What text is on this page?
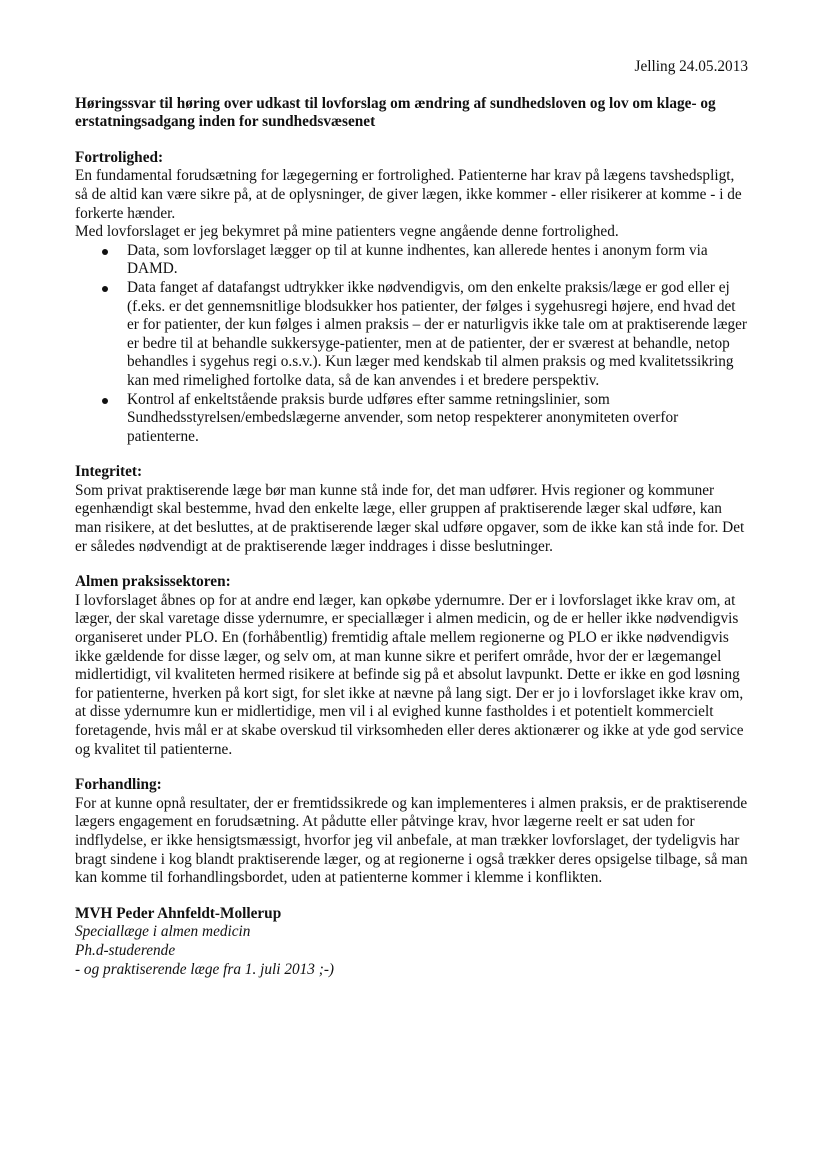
Jelling 24.05.2013
Høringssvar til høring over udkast til lovforslag om ændring af sundhedsloven og lov om klage- og erstatningsadgang inden for sundhedsvæsenet
Fortrolighed:
En fundamental forudsætning for lægegerning er fortrolighed. Patienterne har krav på lægens tavshedspligt, så de altid kan være sikre på, at de oplysninger, de giver lægen, ikke kommer - eller risikerer at komme - i de forkerte hænder.
Med lovforslaget er jeg bekymret på mine patienters vegne angående denne fortrolighed.
Data, som lovforslaget lægger op til at kunne indhentes, kan allerede hentes i anonym form via DAMD.
Data fanget af datafangst udtrykker ikke nødvendigvis, om den enkelte praksis/læge er god eller ej (f.eks. er det gennemsnitlige blodsukker hos patienter, der følges i sygehusregi højere, end hvad det er for patienter, der kun følges i almen praksis – der er naturligvis ikke tale om at praktiserende læger er bedre til at behandle sukkersyge-patienter, men at de patienter, der er sværest at behandle, netop behandles i sygehus regi o.s.v.). Kun læger med kendskab til almen praksis og med kvalitetssikring kan med rimelighed fortolke data, så de kan anvendes i et bredere perspektiv.
Kontrol af enkeltstående praksis burde udføres efter samme retningslinier, som Sundhedsstyrelsen/embedslægerne anvender, som netop respekterer anonymiteten overfor patienterne.
Integritet:
Som privat praktiserende læge bør man kunne stå inde for, det man udfører. Hvis regioner og kommuner egenhændigt skal bestemme, hvad den enkelte læge, eller gruppen af praktiserende læger skal udføre, kan man risikere, at det besluttes, at de praktiserende læger skal udføre opgaver, som de ikke kan stå inde for. Det er således nødvendigt at de praktiserende læger inddrages i disse beslutninger.
Almen praksissektoren:
I lovforslaget åbnes op for at andre end læger, kan opkøbe ydernumre. Der er i lovforslaget ikke krav om, at læger, der skal varetage disse ydernumre, er speciallæger i almen medicin, og de er heller ikke nødvendigvis organiseret under PLO. En (forhåbentlig) fremtidig aftale mellem regionerne og PLO er ikke nødvendigvis ikke gældende for disse læger, og selv om, at man kunne sikre et perifert område, hvor der er lægemangel midlertidigt, vil kvaliteten hermed risikere at befinde sig på et absolut lavpunkt. Dette er ikke en god løsning for patienterne, hverken på kort sigt, for slet ikke at nævne på lang sigt. Der er jo i lovforslaget ikke krav om, at disse ydernumre kun er midlertidige, men vil i al evighed kunne fastholdes i et potentielt kommercielt foretagende, hvis mål er at skabe overskud til virksomheden eller deres aktionærer og ikke at yde god service og kvalitet til patienterne.
Forhandling:
For at kunne opnå resultater, der er fremtidssikrede og kan implementeres i almen praksis, er de praktiserende lægers engagement en forudsætning. At pådutte eller påtvinge krav, hvor lægerne reelt er sat uden for indflydelse, er ikke hensigtsmæssigt, hvorfor jeg vil anbefale, at man trækker lovforslaget, der tydeligvis har bragt sindene i kog blandt praktiserende læger, og at regionerne i også trækker deres opsigelse tilbage, så man kan komme til forhandlingsbordet, uden at patienterne kommer i klemme i konflikten.
MVH Peder Ahnfeldt-Mollerup
Speciallæge i almen medicin
Ph.d-studerende
- og praktiserende læge fra 1. juli 2013 ;-)
